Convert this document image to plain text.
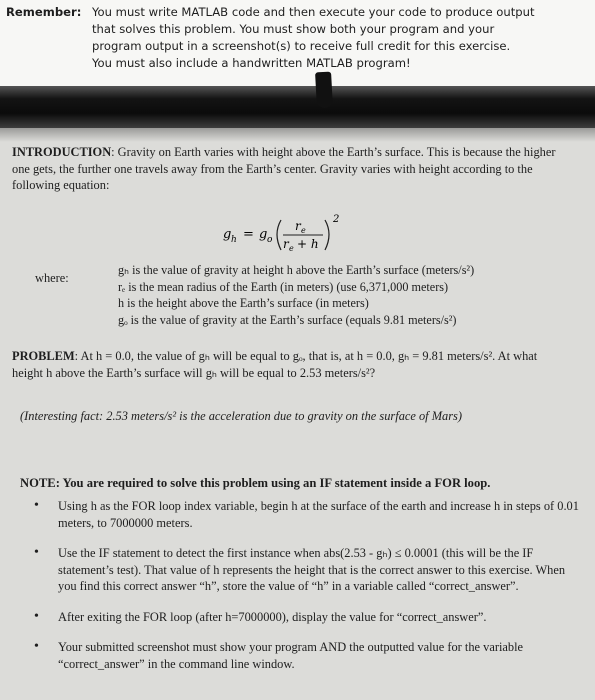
Remember: You must write MATLAB code and then execute your code to produce output
that solves this problem. You must show both your program and your
program output in a screenshot(s) to receive full credit for this exercise.
You must also include a handwritten MATLAB program!
INTRODUCTION: Gravity on Earth varies with height above the Earth’s surface. This is because the higher one gets, the further one travels away from the Earth’s center. Gravity varies with height according to the following equation:
g h = g o
r e
r e + h
2
where:
gₕ is the value of gravity at height h above the Earth’s surface (meters/s²)
rₑ is the mean radius of the Earth (in meters) (use 6,371,000 meters)
h is the height above the Earth’s surface (in meters)
gₒ is the value of gravity at the Earth’s surface (equals 9.81 meters/s²)
PROBLEM: At h = 0.0, the value of gₕ will be equal to gₒ, that is, at h = 0.0, gₕ = 9.81 meters/s². At what height h above the Earth’s surface will gₕ will be equal to 2.53 meters/s²?
(Interesting fact: 2.53 meters/s² is the acceleration due to gravity on the surface of Mars)
NOTE: You are required to solve this problem using an IF statement inside a FOR loop.
• Using h as the FOR loop index variable, begin h at the surface of the earth and increase h in steps of 0.01 meters, to 7000000 meters.
• Use the IF statement to detect the first instance when abs(2.53 - gₕ) ≤ 0.0001 (this will be the IF statement’s test). That value of h represents the height that is the correct answer to this exercise. When you find this correct answer “h”, store the value of “h” in a variable called “correct_answer”.
• After exiting the FOR loop (after h=7000000), display the value for “correct_answer”.
• Your submitted screenshot must show your program AND the outputted value for the variable “correct_answer” in the command line window.
